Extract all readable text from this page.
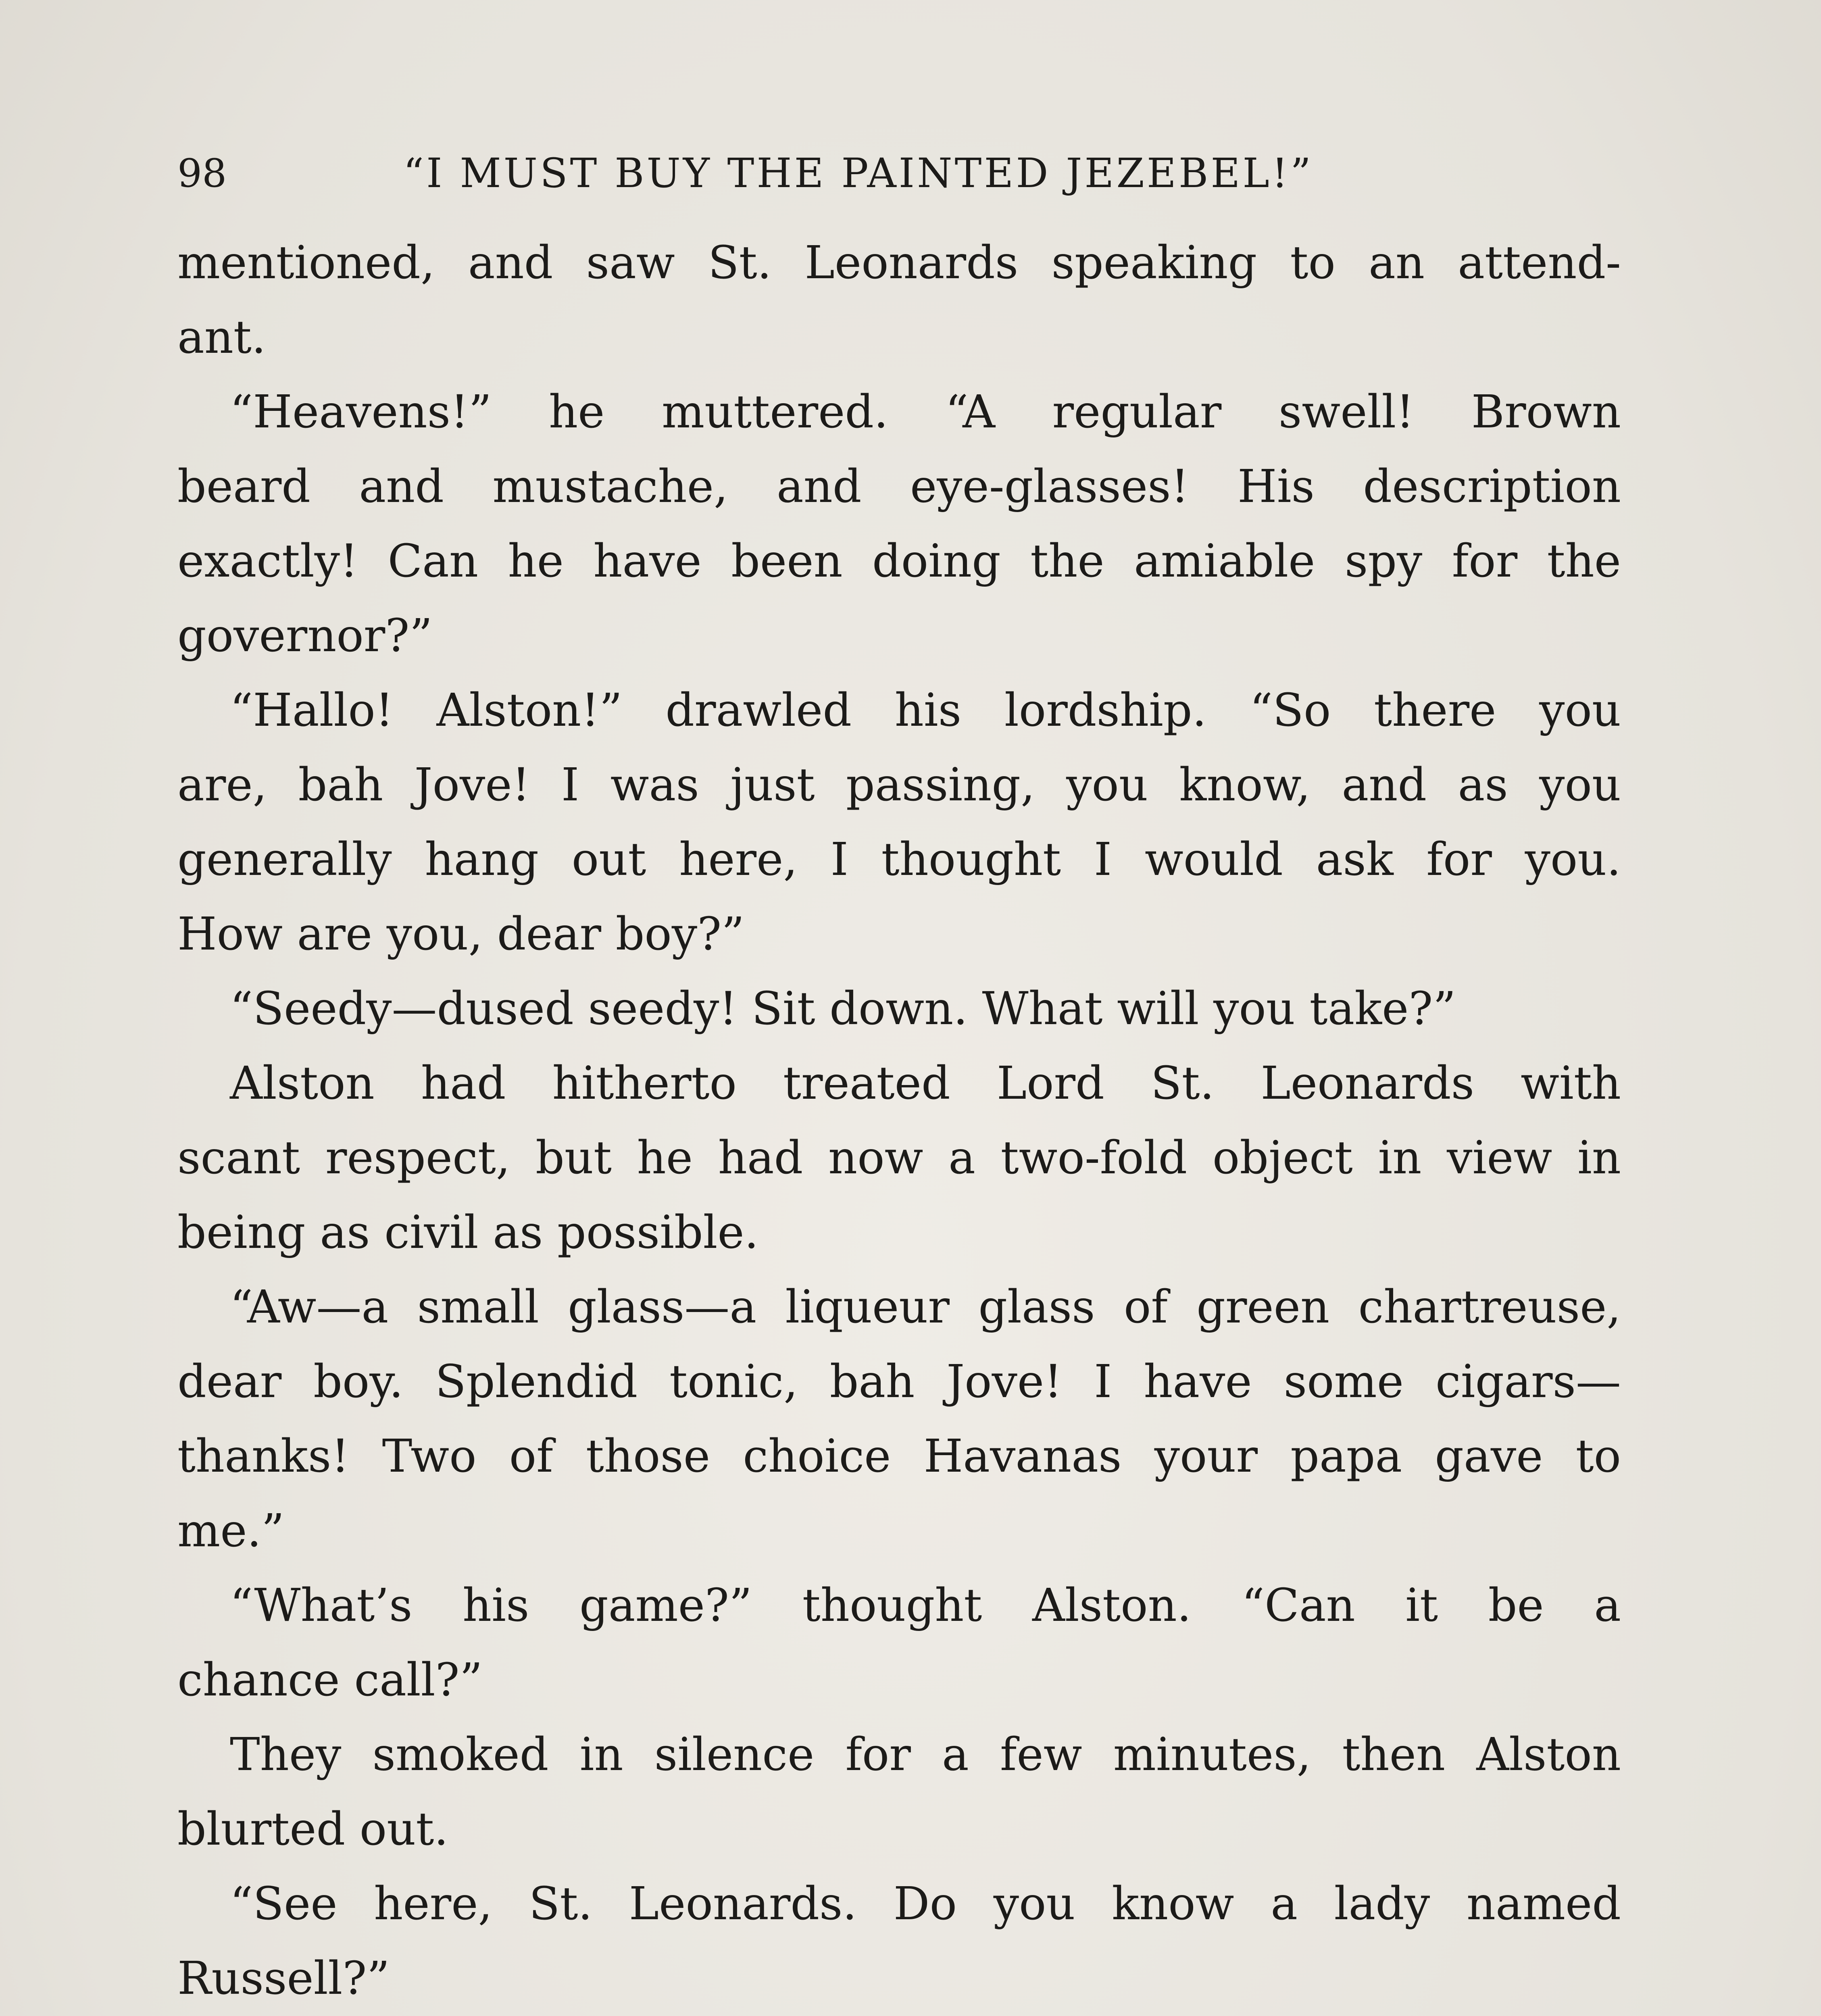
98	“I MUST BUY THE PAINTED JEZEBEL!”
mentioned, and saw St. Leonards speaking to an attend-
ant.
“Heavens!” he muttered. “A regular swell! Brown
beard and mustache, and eye-glasses! His description
exactly! Can he have been doing the amiable spy for the
governor?”
“Hallo! Alston!” drawled his lordship. “So there you
are, bah Jove! I was just passing, you know, and as you
generally hang out here, I thought I would ask for you.
How are you, dear boy?”
“Seedy—dused seedy! Sit down. What will you take?”
Alston had hitherto treated Lord St. Leonards with
scant respect, but he had now a two-fold object in view in
being as civil as possible.
“Aw—a small glass—a liqueur glass of green chartreuse,
dear boy. Splendid tonic, bah Jove! I have some cigars—
thanks! Two of those choice Havanas your papa gave to
me.”
“What’s his game?” thought Alston. “Can it be a
chance call?”
They smoked in silence for a few minutes, then Alston
blurted out.
“See here, St. Leonards. Do you know a lady named
Russell?”
